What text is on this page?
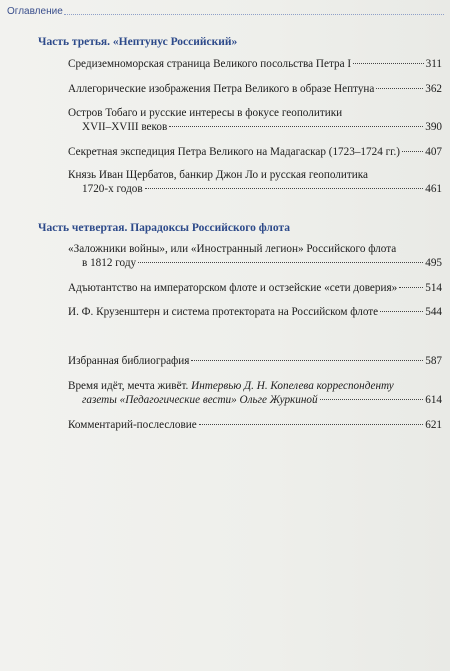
Оглавление
Часть третья. «Нептунус Российский»
Средиземноморская страница Великого посольства Петра I	311
Аллегорические изображения Петра Великого в образе Нептуна	362
Остров Тобаго и русские интересы в фокусе геополитики
XVII–XVIII веков	390
Секретная экспедиция Петра Великого на Мадагаскар (1723–1724 гг.) 407
Князь Иван Щербатов, банкир Джон Ло и русская геополитика
1720-х годов	461
Часть четвертая. Парадоксы Российского флота
«Заложники войны», или «Иностранный легион» Российского флота
в 1812 году	495
Адъютантство на императорском флоте и остзейские «сети доверия» 514
И. Ф. Крузенштерн и система протектората на Российском флоте	544
Избранная библиография	587
Время идёт, мечта живёт. Интервью Д. Н. Копелева корреспонденту
газеты «Педагогические вести» Ольге Журкиной	614
Комментарий-послесловие	621
